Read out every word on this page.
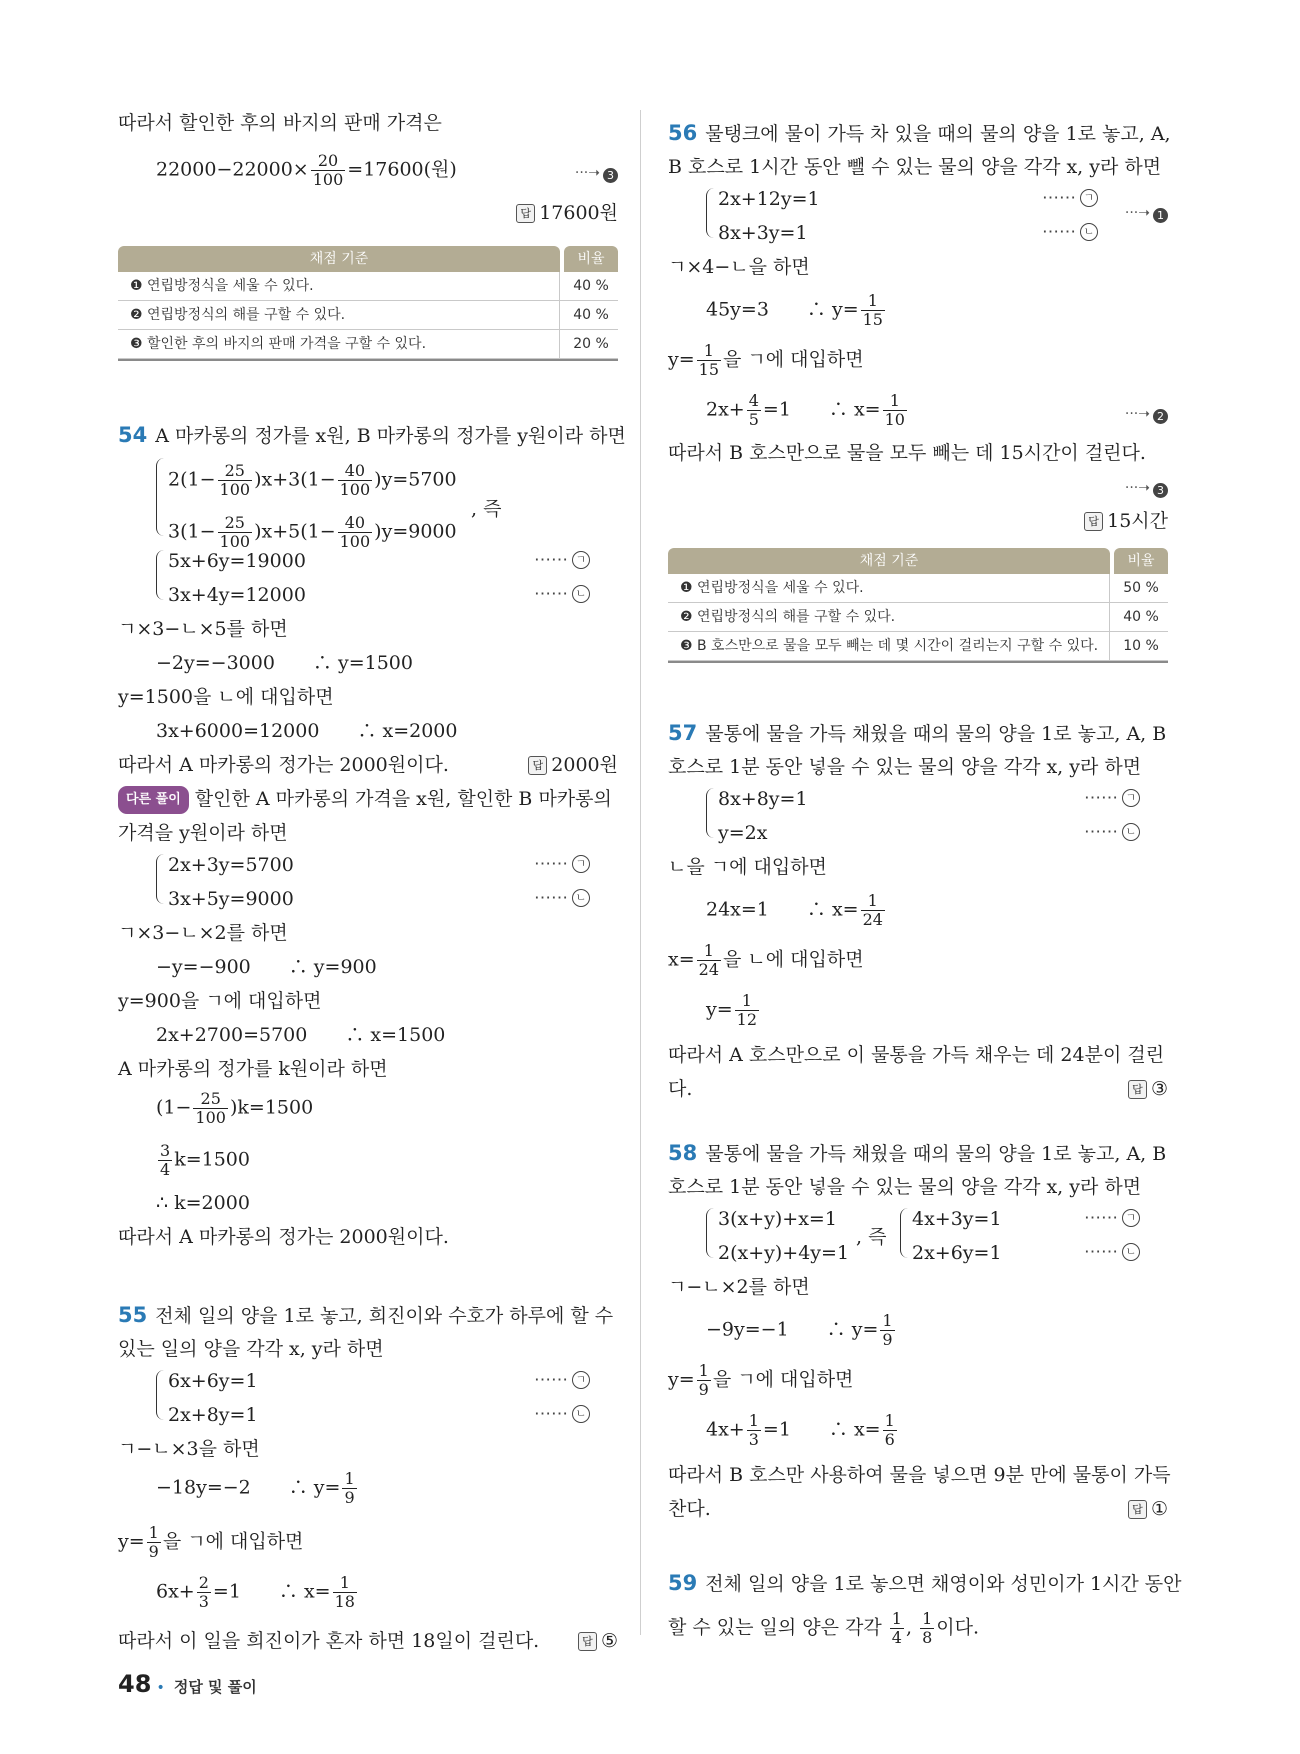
따라서 할인한 후의 바지의 판매 가격은
$22000-22000\times \frac{20}{100} =17600$(원)	···➝ 3
답 17600원
채점 기준	비율
❶ 연립방정식을 세울 수 있다.	40 %
❷ 연립방정식의 해를 구할 수 있다.	40 %
❸ 할인한 후의 바지의 판매 가격을 구할 수 있다.	20 %
54 A 마카롱의 정가를 x원, B 마카롱의 정가를 y원이라 하면
$2(1- \frac{25}{100} )x+3(1- \frac{40}{100} )y=5700$
$3(1- \frac{25}{100} )x+5(1- \frac{40}{100} )y=9000$
, 즉
5x+6y=19000	⋯⋯ ㄱ
3x+4y=12000	⋯⋯ ㄴ
ㄱ×3−ㄴ×5를 하면
−2y=−3000　　∴ y=1500
y=1500을 ㄴ에 대입하면
3x+6000=12000　　∴ x=2000
따라서 A 마카롱의 정가는 2000원이다.	답 2000원
다른 풀이 할인한 A 마카롱의 가격을 x원, 할인한 B 마카롱의
가격을 y원이라 하면
2x+3y=5700	⋯⋯ ㄱ
3x+5y=9000	⋯⋯ ㄴ
ㄱ×3−ㄴ×2를 하면
−y=−900　　∴ y=900
y=900을 ㄱ에 대입하면
2x+2700=5700　　∴ x=1500
A 마카롱의 정가를 k원이라 하면
$(1- \frac{25}{100} )k=1500$
$\frac{3}{4} k=1500$
∴ k=2000
따라서 A 마카롱의 정가는 2000원이다.
55 전체 일의 양을 1로 놓고, 희진이와 수호가 하루에 할 수
있는 일의 양을 각각 x, y라 하면
6x+6y=1	⋯⋯ ㄱ
2x+8y=1	⋯⋯ ㄴ
ㄱ−ㄴ×3을 하면
−18y=−2　　∴ $y= \frac{1}{9}$
$y= \frac{1}{9}$ 을 ㄱ에 대입하면
$6x+ \frac{2}{3} =1$　　∴ $x= \frac{1}{18}$
따라서 이 일을 희진이가 혼자 하면 18일이 걸린다.	답 ⑤
56 물탱크에 물이 가득 차 있을 때의 물의 양을 1로 놓고, A,
B 호스로 1시간 동안 뺄 수 있는 물의 양을 각각 x, y라 하면
2x+12y=1	⋯⋯ ㄱ
8x+3y=1	⋯⋯ ㄴ
···➝ 1
ㄱ×4−ㄴ을 하면
45y=3　　∴ $y= \frac{1}{15}$
$y= \frac{1}{15}$ 을 ㄱ에 대입하면
$2x+ \frac{4}{5} =1$　　∴ $x= \frac{1}{10}$	···➝ 2
따라서 B 호스만으로 물을 모두 빼는 데 15시간이 걸린다.
···➝ 3
답 15시간
채점 기준	비율
❶ 연립방정식을 세울 수 있다.	50 %
❷ 연립방정식의 해를 구할 수 있다.	40 %
❸ B 호스만으로 물을 모두 빼는 데 몇 시간이 걸리는지 구할 수 있다.	10 %
57 물통에 물을 가득 채웠을 때의 물의 양을 1로 놓고, A, B
호스로 1분 동안 넣을 수 있는 물의 양을 각각 x, y라 하면
8x+8y=1	⋯⋯ ㄱ
y=2x	⋯⋯ ㄴ
ㄴ을 ㄱ에 대입하면
24x=1　　∴ $x= \frac{1}{24}$
$x= \frac{1}{24}$ 을 ㄴ에 대입하면
$y= \frac{1}{12}$
따라서 A 호스만으로 이 물통을 가득 채우는 데 24분이 걸린
다.	답 ③
58 물통에 물을 가득 채웠을 때의 물의 양을 1로 놓고, A, B
호스로 1분 동안 넣을 수 있는 물의 양을 각각 x, y라 하면
3(x+y)+x=1
2(x+y)+4y=1
, 즉
4x+3y=1	⋯⋯ ㄱ
2x+6y=1	⋯⋯ ㄴ
ㄱ−ㄴ×2를 하면
−9y=−1　　∴ $y= \frac{1}{9}$
$y= \frac{1}{9}$ 을 ㄱ에 대입하면
$4x+ \frac{1}{3} =1$　　∴ $x= \frac{1}{6}$
따라서 B 호스만 사용하여 물을 넣으면 9분 만에 물통이 가득
찬다.	답 ①
59 전체 일의 양을 1로 놓으면 채영이와 성민이가 1시간 동안
할 수 있는 일의 양은 각각 $\frac{1}{4}$ , $\frac{1}{8}$ 이다.
48 • 정답 및 풀이
